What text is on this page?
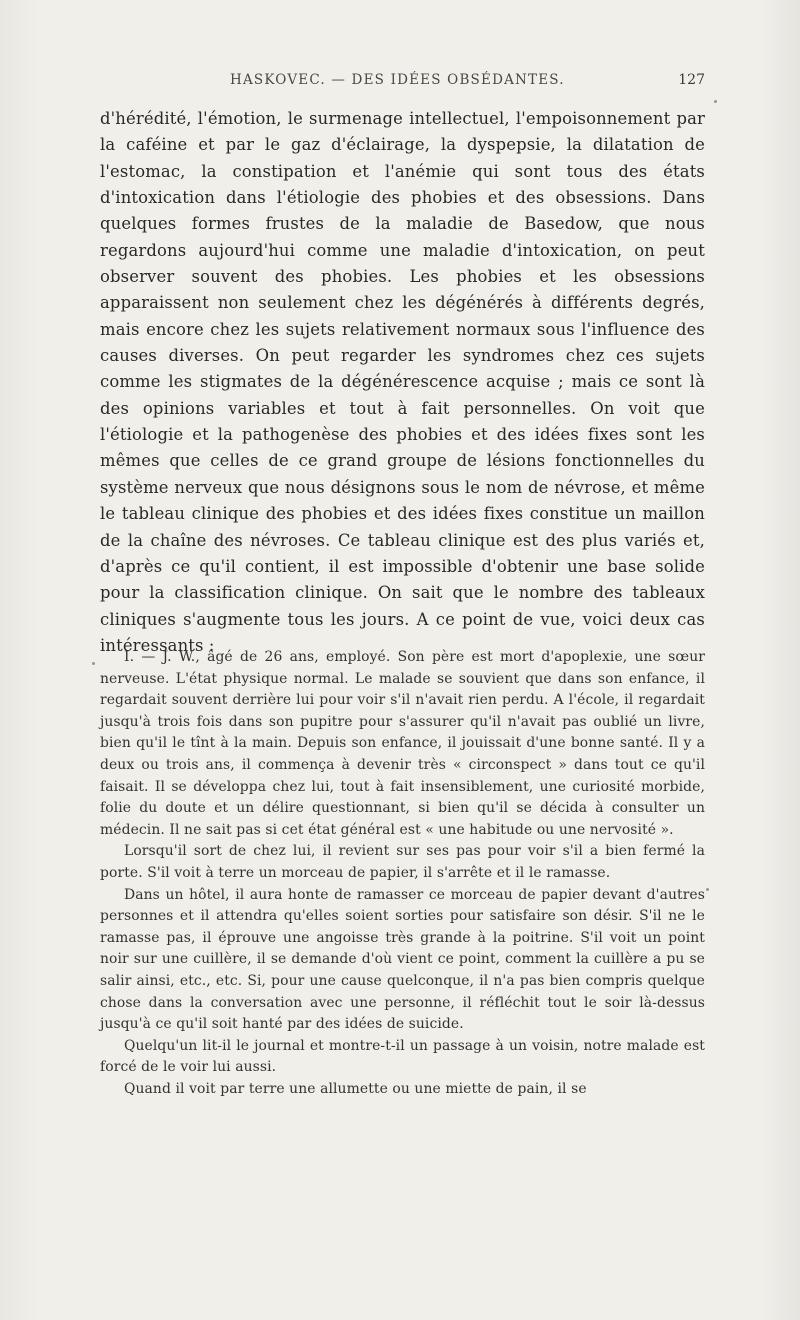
HASKOVEC. — DES IDÉES OBSÉDANTES.	127

d'hérédité, l'émotion, le surmenage intellectuel, l'empoisonnement par la caféine et par le gaz d'éclairage, la dyspepsie, la dilatation de l'estomac, la constipation et l'anémie qui sont tous des états d'intoxication dans l'étiologie des phobies et des obsessions. Dans quelques formes frustes de la maladie de Basedow, que nous regardons aujourd'hui comme une maladie d'intoxication, on peut observer souvent des phobies. Les phobies et les obsessions apparaissent non seulement chez les dégénérés à différents degrés, mais encore chez les sujets relativement normaux sous l'influence des causes diverses. On peut regarder les syndromes chez ces sujets comme les stigmates de la dégénérescence acquise ; mais ce sont là des opinions variables et tout à fait personnelles. On voit que l'étiologie et la pathogenèse des phobies et des idées fixes sont les mêmes que celles de ce grand groupe de lésions fonctionnelles du système nerveux que nous désignons sous le nom de névrose, et même le tableau clinique des phobies et des idées fixes constitue un maillon de la chaîne des névroses. Ce tableau clinique est des plus variés et, d'après ce qu'il contient, il est impossible d'obtenir une base solide pour la classification clinique. On sait que le nombre des tableaux cliniques s'augmente tous les jours. A ce point de vue, voici deux cas intéressants :

I. — J. W., âgé de 26 ans, employé. Son père est mort d'apoplexie, une sœur nerveuse. L'état physique normal. Le malade se souvient que dans son enfance, il regardait souvent derrière lui pour voir s'il n'avait rien perdu. A l'école, il regardait jusqu'à trois fois dans son pupitre pour s'assurer qu'il n'avait pas oublié un livre, bien qu'il le tînt à la main. Depuis son enfance, il jouissait d'une bonne santé. Il y a deux ou trois ans, il commença à devenir très « circonspect » dans tout ce qu'il faisait. Il se développa chez lui, tout à fait insensiblement, une curiosité morbide, folie du doute et un délire questionnant, si bien qu'il se décida à consulter un médecin. Il ne sait pas si cet état général est « une habitude ou une nervosité ».

Lorsqu'il sort de chez lui, il revient sur ses pas pour voir s'il a bien fermé la porte. S'il voit à terre un morceau de papier, il s'arrête et il le ramasse.

Dans un hôtel, il aura honte de ramasser ce morceau de papier devant d'autres personnes et il attendra qu'elles soient sorties pour satisfaire son désir. S'il ne le ramasse pas, il éprouve une angoisse très grande à la poitrine. S'il voit un point noir sur une cuillère, il se demande d'où vient ce point, comment la cuillère a pu se salir ainsi, etc., etc. Si, pour une cause quelconque, il n'a pas bien compris quelque chose dans la conversation avec une personne, il réfléchit tout le soir là-dessus jusqu'à ce qu'il soit hanté par des idées de suicide.

Quelqu'un lit-il le journal et montre-t-il un passage à un voisin, notre malade est forcé de le voir lui aussi.

Quand il voit par terre une allumette ou une miette de pain, il se
